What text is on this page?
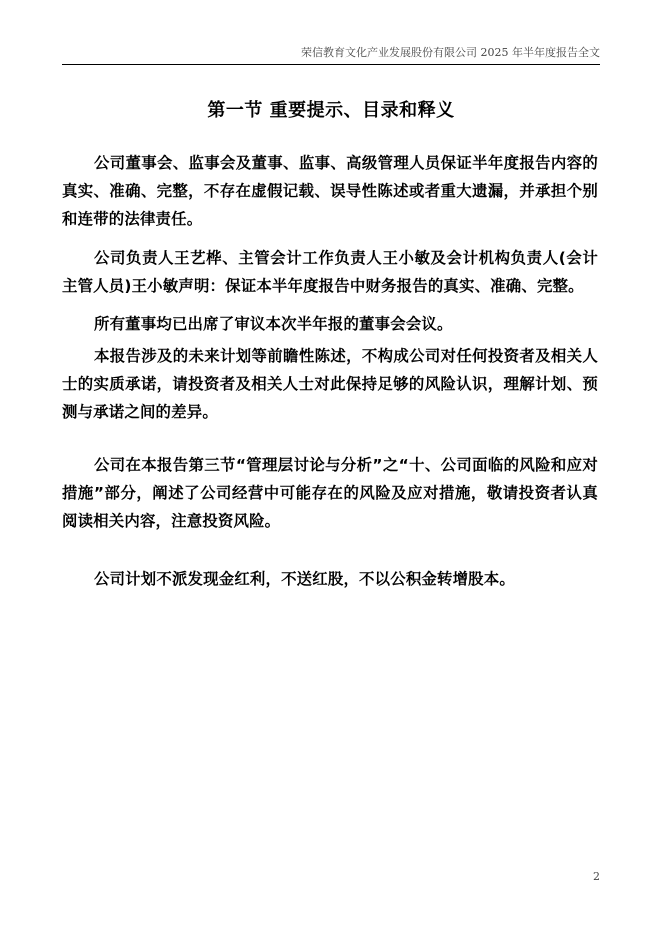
荣信教育文化产业发展股份有限公司 2025 年半年度报告全文
第一节 重要提示、目录和释义

公司董事会、监事会及董事、监事、高级管理人员保证半年度报告内容的真实、准确、完整，不存在虚假记载、误导性陈述或者重大遗漏，并承担个别和连带的法律责任。

公司负责人王艺桦、主管会计工作负责人王小敏及会计机构负责人(会计主管人员)王小敏声明：保证本半年度报告中财务报告的真实、准确、完整。

所有董事均已出席了审议本次半年报的董事会会议。

本报告涉及的未来计划等前瞻性陈述，不构成公司对任何投资者及相关人士的实质承诺，请投资者及相关人士对此保持足够的风险认识，理解计划、预测与承诺之间的差异。

公司在本报告第三节“管理层讨论与分析”之“十、公司面临的风险和应对措施”部分，阐述了公司经营中可能存在的风险及应对措施，敬请投资者认真阅读相关内容，注意投资风险。

公司计划不派发现金红利，不送红股，不以公积金转增股本。

2
